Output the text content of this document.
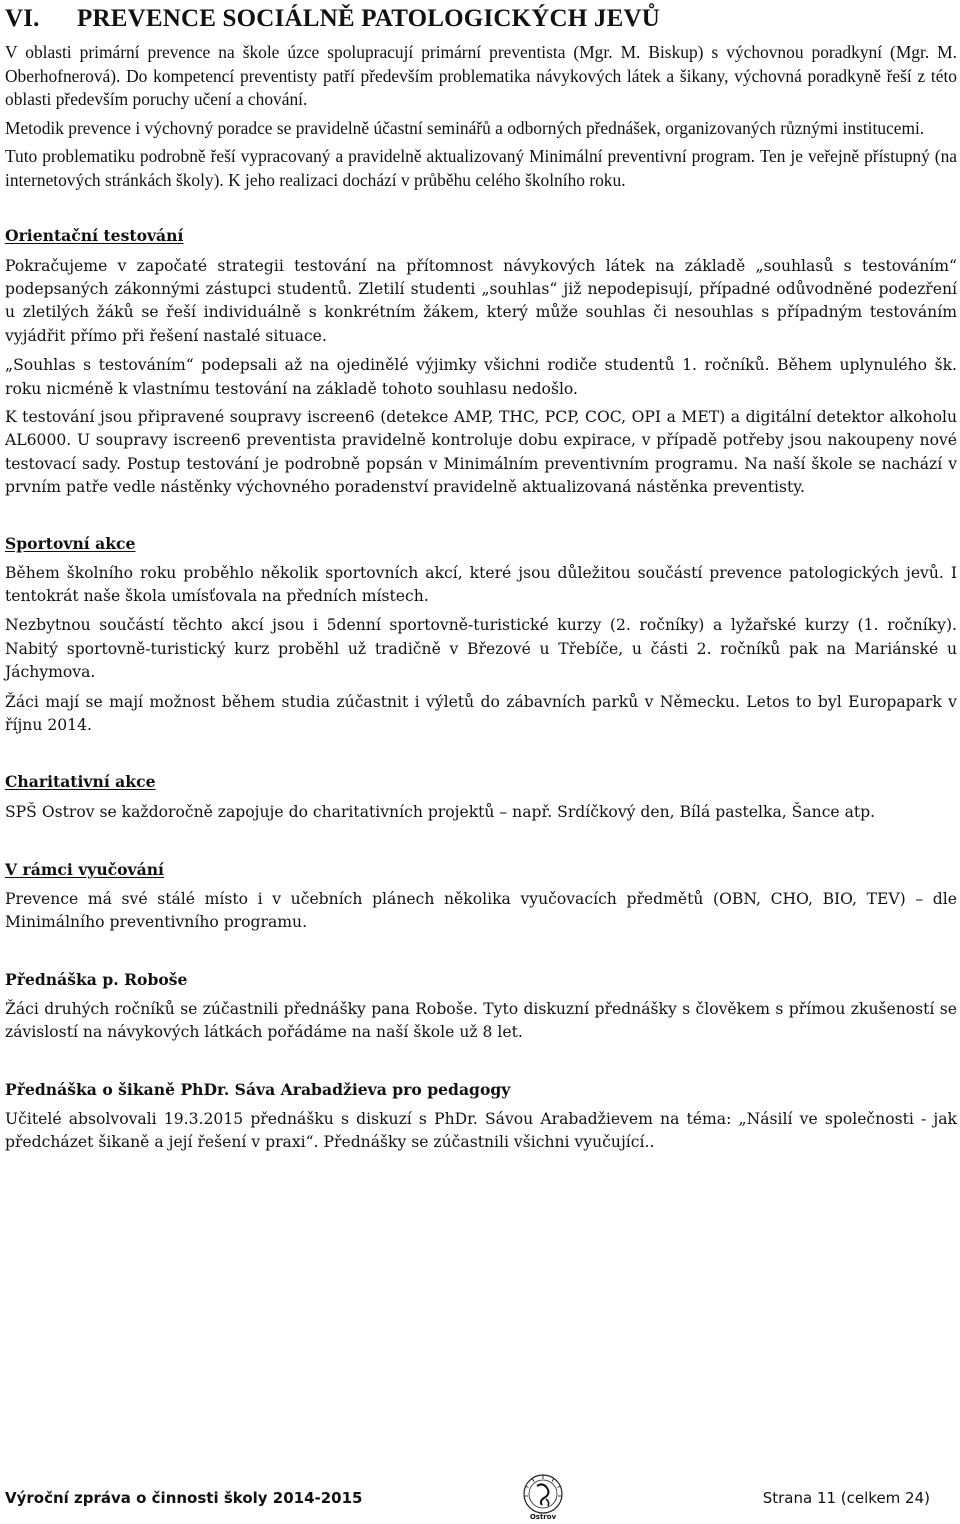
VI. PREVENCE SOCIÁLNĚ PATOLOGICKÝCH JEVŮ

V oblasti primární prevence na škole úzce spolupracují primární preventista (Mgr. M. Biskup) s výchovnou poradkyní (Mgr. M. Oberhofnerová). Do kompetencí preventisty patří především problematika návykových látek a šikany, výchovná poradkyně řeší z této oblasti především poruchy učení a chování.

Metodik prevence i výchovný poradce se pravidelně účastní seminářů a odborných přednášek, organizovaných různými institucemi.

Tuto problematiku podrobně řeší vypracovaný a pravidelně aktualizovaný Minimální preventivní program. Ten je veřejně přístupný (na internetových stránkách školy). K jeho realizaci dochází v průběhu celého školního roku.

Orientační testování

Pokračujeme v započaté strategii testování na přítomnost návykových látek na základě „souhlasů s testováním“ podepsaných zákonnými zástupci studentů. Zletilí studenti „souhlas“ již nepodepisují, případné odůvodněné podezření u zletilých žáků se řeší individuálně s konkrétním žákem, který může souhlas či nesouhlas s případným testováním vyjádřit přímo při řešení nastalé situace.

„Souhlas s testováním“ podepsali až na ojedinělé výjimky všichni rodiče studentů 1. ročníků. Během uplynulého šk. roku nicméně k vlastnímu testování na základě tohoto souhlasu nedošlo.

K testování jsou připravené soupravy iscreen6 (detekce AMP, THC, PCP, COC, OPI a MET) a digitální detektor alkoholu AL6000. U soupravy iscreen6 preventista pravidelně kontroluje dobu expirace, v případě potřeby jsou nakoupeny nové testovací sady. Postup testování je podrobně popsán v Minimálním preventivním programu. Na naší škole se nachází v prvním patře vedle nástěnky výchovného poradenství pravidelně aktualizovaná nástěnka preventisty.

Sportovní akce

Během školního roku proběhlo několik sportovních akcí, které jsou důležitou součástí prevence patologických jevů. I tentokrát naše škola umísťovala na předních místech.

Nezbytnou součástí těchto akcí jsou i 5denní sportovně-turistické kurzy (2. ročníky) a lyžařské kurzy (1. ročníky). Nabitý sportovně-turistický kurz proběhl už tradičně v Březové u Třebíče, u části 2. ročníků pak na Mariánské u Jáchymova.

Žáci mají se mají možnost během studia zúčastnit i výletů do zábavních parků v Německu. Letos to byl Europapark v říjnu 2014.

Charitativní akce

SPŠ Ostrov se každoročně zapojuje do charitativních projektů – např. Srdíčkový den, Bílá pastelka, Šance atp.

V rámci vyučování

Prevence má své stálé místo i v učebních plánech několika vyučovacích předmětů (OBN, CHO, BIO, TEV) – dle Minimálního preventivního programu.

Přednáška p. Roboše

Žáci druhých ročníků se zúčastnili přednášky pana Roboše. Tyto diskuzní přednášky s člověkem s přímou zkušeností se závislostí na návykových látkách pořádáme na naší škole už 8 let.

Přednáška o šikaně PhDr. Sáva Arabadžieva pro pedagogy

Učitelé absolvovali 19.3.2015 přednášku s diskuzí s PhDr. Sávou Arabadžievem na téma: „Násilí ve společnosti - jak předcházet šikaně a její řešení v praxi“. Přednášky se zúčastnili všichni vyučující..

Výroční zpráva o činnosti školy 2014-2015
Ostrov
Strana 11 (celkem 24)
